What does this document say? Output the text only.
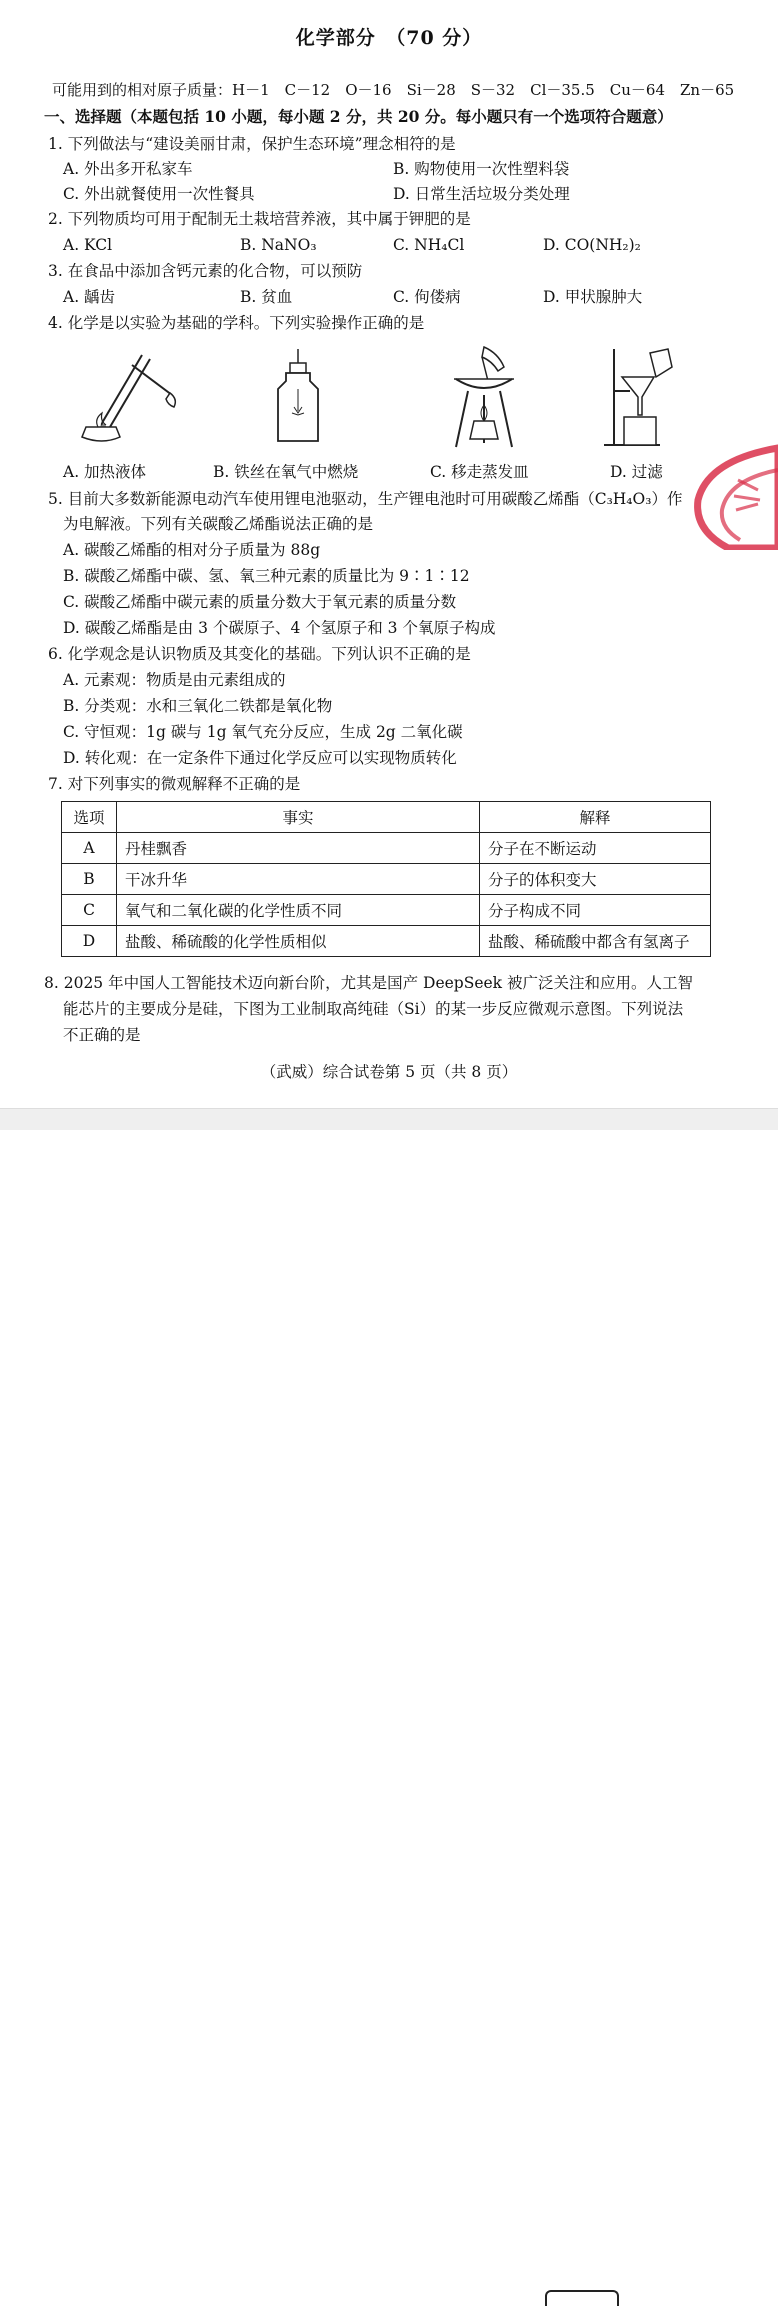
化学部分　（70 分）
可能用到的相对原子质量：H－1　C－12　O－16　Si－28　S－32　Cl－35.5　Cu－64　Zn－65
一、选择题（本题包括 10 小题，每小题 2 分，共 20 分。每小题只有一个选项符合题意）
1. 下列做法与“建设美丽甘肃，保护生态环境”理念相符的是
A. 外出多开私家车	B. 购物使用一次性塑料袋
C. 外出就餐使用一次性餐具	D. 日常生活垃圾分类处理
2. 下列物质均可用于配制无土栽培营养液，其中属于钾肥的是
A. KCl	B. NaNO₃	C. NH₄Cl	D. CO(NH₂)₂
3. 在食品中添加含钙元素的化合物，可以预防
A. 龋齿	B. 贫血	C. 佝偻病	D. 甲状腺肿大
4. 化学是以实验为基础的学科。下列实验操作正确的是
A. 加热液体	B. 铁丝在氧气中燃烧	C. 移走蒸发皿	D. 过滤
5. 目前大多数新能源电动汽车使用锂电池驱动，生产锂电池时可用碳酸乙烯酯（C₃H₄O₃）作
为电解液。下列有关碳酸乙烯酯说法正确的是
A. 碳酸乙烯酯的相对分子质量为 88g
B. 碳酸乙烯酯中碳、氢、氧三种元素的质量比为 9∶1∶12
C. 碳酸乙烯酯中碳元素的质量分数大于氧元素的质量分数
D. 碳酸乙烯酯是由 3 个碳原子、4 个氢原子和 3 个氧原子构成
6. 化学观念是认识物质及其变化的基础。下列认识不正确的是
A. 元素观：物质是由元素组成的
B. 分类观：水和三氧化二铁都是氧化物
C. 守恒观：1g 碳与 1g 氧气充分反应，生成 2g 二氧化碳
D. 转化观：在一定条件下通过化学反应可以实现物质转化
7. 对下列事实的微观解释不正确的是
选项	事实	解释
A	丹桂飘香	分子在不断运动
B	干冰升华	分子的体积变大
C	氧气和二氧化碳的化学性质不同	分子构成不同
D	盐酸、稀硫酸的化学性质相似	盐酸、稀硫酸中都含有氢离子
8. 2025 年中国人工智能技术迈向新台阶，尤其是国产 DeepSeek 被广泛关注和应用。人工智
能芯片的主要成分是硅，下图为工业制取高纯硅（Si）的某一步反应微观示意图。下列说法
不正确的是
（武威）综合试卷第 5 页（共 8 页）
